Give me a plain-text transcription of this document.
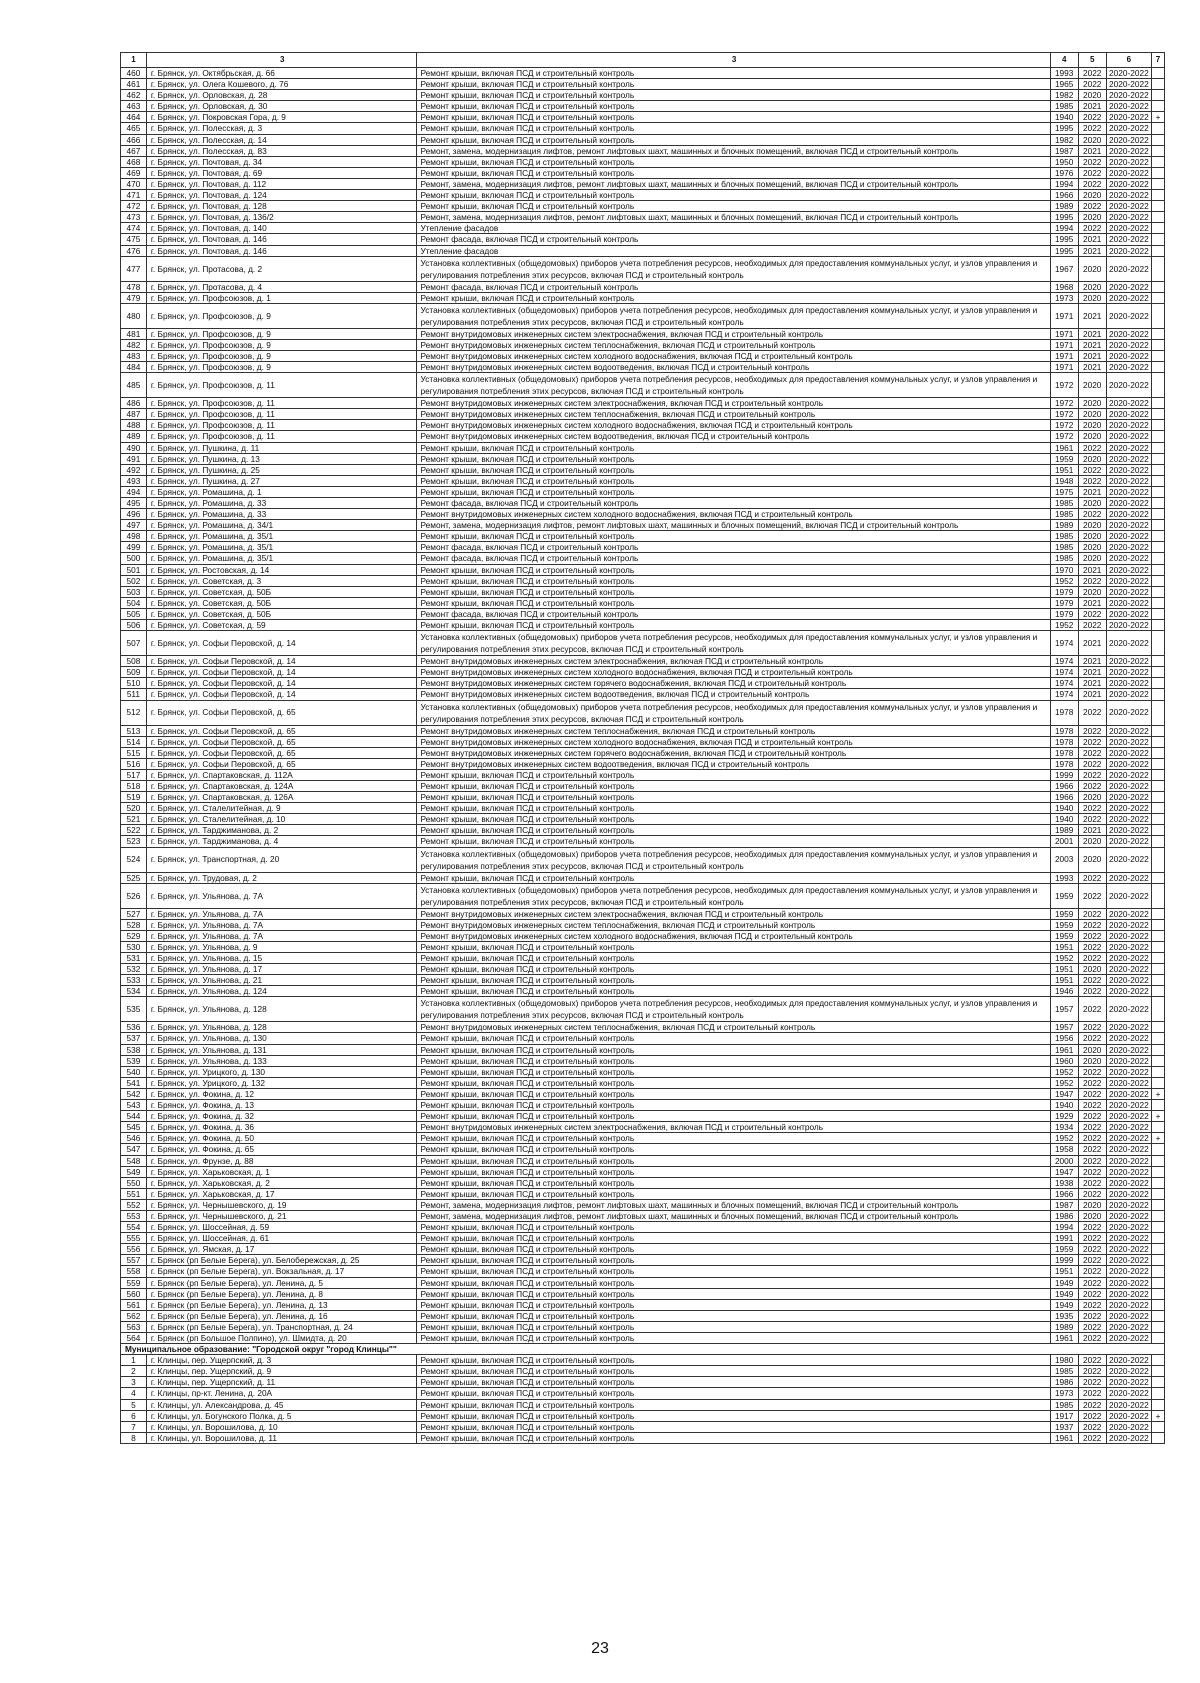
1	3	3	4	5	6	7
460	г. Брянск, ул. Октябрьская, д. 66	Ремонт крыши, включая ПСД и строительный контроль	1993	2022	2020-2022	
461	г. Брянск, ул. Олега Кошевого, д. 76	Ремонт крыши, включая ПСД и строительный контроль	1965	2022	2020-2022	
462	г. Брянск, ул. Орловская, д. 28	Ремонт крыши, включая ПСД и строительный контроль	1982	2020	2020-2022	
463	г. Брянск, ул. Орловская, д. 30	Ремонт крыши, включая ПСД и строительный контроль	1985	2021	2020-2022	
464	г. Брянск, ул. Покровская Гора, д. 9	Ремонт крыши, включая ПСД и строительный контроль	1940	2022	2020-2022	+
465	г. Брянск, ул. Полесская, д. 3	Ремонт крыши, включая ПСД и строительный контроль	1995	2022	2020-2022	
466	г. Брянск, ул. Полесская, д. 14	Ремонт крыши, включая ПСД и строительный контроль	1982	2020	2020-2022	
467	г. Брянск, ул. Полесская, д. 83	Ремонт, замена, модернизация лифтов, ремонт лифтовых шахт, машинных и блочных помещений, включая ПСД и строительный контроль	1987	2021	2020-2022	
468	г. Брянск, ул. Почтовая, д. 34	Ремонт крыши, включая ПСД и строительный контроль	1950	2022	2020-2022	
469	г. Брянск, ул. Почтовая, д. 69	Ремонт крыши, включая ПСД и строительный контроль	1976	2022	2020-2022	
470	г. Брянск, ул. Почтовая, д. 112	Ремонт, замена, модернизация лифтов, ремонт лифтовых шахт, машинных и блочных помещений, включая ПСД и строительный контроль	1994	2022	2020-2022	
471	г. Брянск, ул. Почтовая, д. 124	Ремонт крыши, включая ПСД и строительный контроль	1966	2020	2020-2022	
472	г. Брянск, ул. Почтовая, д. 128	Ремонт крыши, включая ПСД и строительный контроль	1989	2022	2020-2022	
473	г. Брянск, ул. Почтовая, д. 136/2	Ремонт, замена, модернизация лифтов, ремонт лифтовых шахт, машинных и блочных помещений, включая ПСД и строительный контроль	1995	2020	2020-2022	
474	г. Брянск, ул. Почтовая, д. 140	Утепление фасадов	1994	2022	2020-2022	
475	г. Брянск, ул. Почтовая, д. 146	Ремонт фасада, включая ПСД и строительный контроль	1995	2021	2020-2022	
476	г. Брянск, ул. Почтовая, д. 146	Утепление фасадов	1995	2021	2020-2022	
477	г. Брянск, ул. Протасова, д. 2	Установка коллективных (общедомовых) приборов учета потребления ресурсов, необходимых для предоставления коммунальных услуг, и узлов управления и регулирования потребления этих ресурсов, включая ПСД и строительный контроль	1967	2020	2020-2022	
478	г. Брянск, ул. Протасова, д. 4	Ремонт фасада, включая ПСД и строительный контроль	1968	2020	2020-2022	
479	г. Брянск, ул. Профсоюзов, д. 1	Ремонт крыши, включая ПСД и строительный контроль	1973	2020	2020-2022	
480	г. Брянск, ул. Профсоюзов, д. 9	Установка коллективных (общедомовых) приборов учета потребления ресурсов, необходимых для предоставления коммунальных услуг, и узлов управления и регулирования потребления этих ресурсов, включая ПСД и строительный контроль	1971	2021	2020-2022	
481	г. Брянск, ул. Профсоюзов, д. 9	Ремонт внутридомовых инженерных систем электроснабжения, включая ПСД и строительный контроль	1971	2021	2020-2022	
482	г. Брянск, ул. Профсоюзов, д. 9	Ремонт внутридомовых инженерных систем теплоснабжения, включая ПСД и строительный контроль	1971	2021	2020-2022	
483	г. Брянск, ул. Профсоюзов, д. 9	Ремонт внутридомовых инженерных систем холодного водоснабжения, включая ПСД и строительный контроль	1971	2021	2020-2022	
484	г. Брянск, ул. Профсоюзов, д. 9	Ремонт внутридомовых инженерных систем водоотведения, включая ПСД и строительный контроль	1971	2021	2020-2022	
485	г. Брянск, ул. Профсоюзов, д. 11	Установка коллективных (общедомовых) приборов учета потребления ресурсов, необходимых для предоставления коммунальных услуг, и узлов управления и регулирования потребления этих ресурсов, включая ПСД и строительный контроль	1972	2020	2020-2022	
486	г. Брянск, ул. Профсоюзов, д. 11	Ремонт внутридомовых инженерных систем электроснабжения, включая ПСД и строительный контроль	1972	2020	2020-2022	
487	г. Брянск, ул. Профсоюзов, д. 11	Ремонт внутридомовых инженерных систем теплоснабжения, включая ПСД и строительный контроль	1972	2020	2020-2022	
488	г. Брянск, ул. Профсоюзов, д. 11	Ремонт внутридомовых инженерных систем холодного водоснабжения, включая ПСД и строительный контроль	1972	2020	2020-2022	
489	г. Брянск, ул. Профсоюзов, д. 11	Ремонт внутридомовых инженерных систем водоотведения, включая ПСД и строительный контроль	1972	2020	2020-2022	
490	г. Брянск, ул. Пушкина, д. 11	Ремонт крыши, включая ПСД и строительный контроль	1961	2022	2020-2022	
491	г. Брянск, ул. Пушкина, д. 13	Ремонт крыши, включая ПСД и строительный контроль	1959	2020	2020-2022	
492	г. Брянск, ул. Пушкина, д. 25	Ремонт крыши, включая ПСД и строительный контроль	1951	2022	2020-2022	
493	г. Брянск, ул. Пушкина, д. 27	Ремонт крыши, включая ПСД и строительный контроль	1948	2022	2020-2022	
494	г. Брянск, ул. Ромашина, д. 1	Ремонт крыши, включая ПСД и строительный контроль	1975	2021	2020-2022	
495	г. Брянск, ул. Ромашина, д. 33	Ремонт фасада, включая ПСД и строительный контроль	1985	2020	2020-2022	
496	г. Брянск, ул. Ромашина, д. 33	Ремонт внутридомовых инженерных систем холодного водоснабжения, включая ПСД и строительный контроль	1985	2022	2020-2022	
497	г. Брянск, ул. Ромашина, д. 34/1	Ремонт, замена, модернизация лифтов, ремонт лифтовых шахт, машинных и блочных помещений, включая ПСД и строительный контроль	1989	2020	2020-2022	
498	г. Брянск, ул. Ромашина, д. 35/1	Ремонт крыши, включая ПСД и строительный контроль	1985	2020	2020-2022	
499	г. Брянск, ул. Ромашина, д. 35/1	Ремонт фасада, включая ПСД и строительный контроль	1985	2020	2020-2022	
500	г. Брянск, ул. Ромашина, д. 35/1	Ремонт фасада, включая ПСД и строительный контроль	1985	2020	2020-2022	
501	г. Брянск, ул. Ростовская, д. 14	Ремонт крыши, включая ПСД и строительный контроль	1970	2021	2020-2022	
502	г. Брянск, ул. Советская, д. 3	Ремонт крыши, включая ПСД и строительный контроль	1952	2022	2020-2022	
503	г. Брянск, ул. Советская, д. 50Б	Ремонт крыши, включая ПСД и строительный контроль	1979	2020	2020-2022	
504	г. Брянск, ул. Советская, д. 50Б	Ремонт крыши, включая ПСД и строительный контроль	1979	2021	2020-2022	
505	г. Брянск, ул. Советская, д. 50Б	Ремонт фасада, включая ПСД и строительный контроль	1979	2022	2020-2022	
506	г. Брянск, ул. Советская, д. 59	Ремонт крыши, включая ПСД и строительный контроль	1952	2022	2020-2022	
507	г. Брянск, ул. Софьи Перовской, д. 14	Установка коллективных (общедомовых) приборов учета потребления ресурсов, необходимых для предоставления коммунальных услуг, и узлов управления и регулирования потребления этих ресурсов, включая ПСД и строительный контроль	1974	2021	2020-2022	
508	г. Брянск, ул. Софьи Перовской, д. 14	Ремонт внутридомовых инженерных систем электроснабжения, включая ПСД и строительный контроль	1974	2021	2020-2022	
509	г. Брянск, ул. Софьи Перовской, д. 14	Ремонт внутридомовых инженерных систем холодного водоснабжения, включая ПСД и строительный контроль	1974	2021	2020-2022	
510	г. Брянск, ул. Софьи Перовской, д. 14	Ремонт внутридомовых инженерных систем горячего водоснабжения, включая ПСД и строительный контроль	1974	2021	2020-2022	
511	г. Брянск, ул. Софьи Перовской, д. 14	Ремонт внутридомовых инженерных систем водоотведения, включая ПСД и строительный контроль	1974	2021	2020-2022	
512	г. Брянск, ул. Софьи Перовской, д. 65	Установка коллективных (общедомовых) приборов учета потребления ресурсов, необходимых для предоставления коммунальных услуг, и узлов управления и регулирования потребления этих ресурсов, включая ПСД и строительный контроль	1978	2022	2020-2022	
513	г. Брянск, ул. Софьи Перовской, д. 65	Ремонт внутридомовых инженерных систем теплоснабжения, включая ПСД и строительный контроль	1978	2022	2020-2022	
514	г. Брянск, ул. Софьи Перовской, д. 65	Ремонт внутридомовых инженерных систем холодного водоснабжения, включая ПСД и строительный контроль	1978	2022	2020-2022	
515	г. Брянск, ул. Софьи Перовской, д. 65	Ремонт внутридомовых инженерных систем горячего водоснабжения, включая ПСД и строительный контроль	1978	2022	2020-2022	
516	г. Брянск, ул. Софьи Перовской, д. 65	Ремонт внутридомовых инженерных систем водоотведения, включая ПСД и строительный контроль	1978	2022	2020-2022	
517	г. Брянск, ул. Спартаковская, д. 112А	Ремонт крыши, включая ПСД и строительный контроль	1999	2022	2020-2022	
518	г. Брянск, ул. Спартаковская, д. 124А	Ремонт крыши, включая ПСД и строительный контроль	1966	2022	2020-2022	
519	г. Брянск, ул. Спартаковская, д. 126А	Ремонт крыши, включая ПСД и строительный контроль	1966	2020	2020-2022	
520	г. Брянск, ул. Сталелитейная, д. 9	Ремонт крыши, включая ПСД и строительный контроль	1940	2022	2020-2022	
521	г. Брянск, ул. Сталелитейная, д. 10	Ремонт крыши, включая ПСД и строительный контроль	1940	2022	2020-2022	
522	г. Брянск, ул. Тарджиманова, д. 2	Ремонт крыши, включая ПСД и строительный контроль	1989	2021	2020-2022	
523	г. Брянск, ул. Тарджиманова, д. 4	Ремонт крыши, включая ПСД и строительный контроль	2001	2020	2020-2022	
524	г. Брянск, ул. Транспортная, д. 20	Установка коллективных (общедомовых) приборов учета потребления ресурсов, необходимых для предоставления коммунальных услуг, и узлов управления и регулирования потребления этих ресурсов, включая ПСД и строительный контроль	2003	2020	2020-2022	
525	г. Брянск, ул. Трудовая, д. 2	Ремонт крыши, включая ПСД и строительный контроль	1993	2022	2020-2022	
526	г. Брянск, ул. Ульянова, д. 7А	Установка коллективных (общедомовых) приборов учета потребления ресурсов, необходимых для предоставления коммунальных услуг, и узлов управления и регулирования потребления этих ресурсов, включая ПСД и строительный контроль	1959	2022	2020-2022	
527	г. Брянск, ул. Ульянова, д. 7А	Ремонт внутридомовых инженерных систем электроснабжения, включая ПСД и строительный контроль	1959	2022	2020-2022	
528	г. Брянск, ул. Ульянова, д. 7А	Ремонт внутридомовых инженерных систем теплоснабжения, включая ПСД и строительный контроль	1959	2022	2020-2022	
529	г. Брянск, ул. Ульянова, д. 7А	Ремонт внутридомовых инженерных систем холодного водоснабжения, включая ПСД и строительный контроль	1959	2022	2020-2022	
530	г. Брянск, ул. Ульянова, д. 9	Ремонт крыши, включая ПСД и строительный контроль	1951	2022	2020-2022	
531	г. Брянск, ул. Ульянова, д. 15	Ремонт крыши, включая ПСД и строительный контроль	1952	2022	2020-2022	
532	г. Брянск, ул. Ульянова, д. 17	Ремонт крыши, включая ПСД и строительный контроль	1951	2020	2020-2022	
533	г. Брянск, ул. Ульянова, д. 21	Ремонт крыши, включая ПСД и строительный контроль	1951	2022	2020-2022	
534	г. Брянск, ул. Ульянова, д. 124	Ремонт крыши, включая ПСД и строительный контроль	1946	2022	2020-2022	
535	г. Брянск, ул. Ульянова, д. 128	Установка коллективных (общедомовых) приборов учета потребления ресурсов, необходимых для предоставления коммунальных услуг, и узлов управления и регулирования потребления этих ресурсов, включая ПСД и строительный контроль	1957	2022	2020-2022	
536	г. Брянск, ул. Ульянова, д. 128	Ремонт внутридомовых инженерных систем теплоснабжения, включая ПСД и строительный контроль	1957	2022	2020-2022	
537	г. Брянск, ул. Ульянова, д. 130	Ремонт крыши, включая ПСД и строительный контроль	1956	2022	2020-2022	
538	г. Брянск, ул. Ульянова, д. 131	Ремонт крыши, включая ПСД и строительный контроль	1961	2020	2020-2022	
539	г. Брянск, ул. Ульянова, д. 133	Ремонт крыши, включая ПСД и строительный контроль	1960	2020	2020-2022	
540	г. Брянск, ул. Урицкого, д. 130	Ремонт крыши, включая ПСД и строительный контроль	1952	2022	2020-2022	
541	г. Брянск, ул. Урицкого, д. 132	Ремонт крыши, включая ПСД и строительный контроль	1952	2022	2020-2022	
542	г. Брянск, ул. Фокина, д. 12	Ремонт крыши, включая ПСД и строительный контроль	1947	2022	2020-2022	+
543	г. Брянск, ул. Фокина, д. 13	Ремонт крыши, включая ПСД и строительный контроль	1940	2022	2020-2022	
544	г. Брянск, ул. Фокина, д. 32	Ремонт крыши, включая ПСД и строительный контроль	1929	2022	2020-2022	+
545	г. Брянск, ул. Фокина, д. 36	Ремонт внутридомовых инженерных систем электроснабжения, включая ПСД и строительный контроль	1934	2022	2020-2022	
546	г. Брянск, ул. Фокина, д. 50	Ремонт крыши, включая ПСД и строительный контроль	1952	2022	2020-2022	+
547	г. Брянск, ул. Фокина, д. 65	Ремонт крыши, включая ПСД и строительный контроль	1958	2022	2020-2022	
548	г. Брянск, ул. Фрунзе, д. 88	Ремонт крыши, включая ПСД и строительный контроль	2000	2022	2020-2022	
549	г. Брянск, ул. Харьковская, д. 1	Ремонт крыши, включая ПСД и строительный контроль	1947	2022	2020-2022	
550	г. Брянск, ул. Харьковская, д. 2	Ремонт крыши, включая ПСД и строительный контроль	1938	2022	2020-2022	
551	г. Брянск, ул. Харьковская, д. 17	Ремонт крыши, включая ПСД и строительный контроль	1966	2022	2020-2022	
552	г. Брянск, ул. Чернышевского, д. 19	Ремонт, замена, модернизация лифтов, ремонт лифтовых шахт, машинных и блочных помещений, включая ПСД и строительный контроль	1987	2020	2020-2022	
553	г. Брянск, ул. Чернышевского, д. 21	Ремонт, замена, модернизация лифтов, ремонт лифтовых шахт, машинных и блочных помещений, включая ПСД и строительный контроль	1986	2020	2020-2022	
554	г. Брянск, ул. Шоссейная, д. 59	Ремонт крыши, включая ПСД и строительный контроль	1994	2022	2020-2022	
555	г. Брянск, ул. Шоссейная, д. 61	Ремонт крыши, включая ПСД и строительный контроль	1991	2022	2020-2022	
556	г. Брянск, ул. Ямская, д. 17	Ремонт крыши, включая ПСД и строительный контроль	1959	2022	2020-2022	
557	г. Брянск (рп Белые Берега), ул. Белобережская, д. 25	Ремонт крыши, включая ПСД и строительный контроль	1999	2022	2020-2022	
558	г. Брянск (рп Белые Берега), ул. Вокзальная, д. 17	Ремонт крыши, включая ПСД и строительный контроль	1951	2022	2020-2022	
559	г. Брянск (рп Белые Берега), ул. Ленина, д. 5	Ремонт крыши, включая ПСД и строительный контроль	1949	2022	2020-2022	
560	г. Брянск (рп Белые Берега), ул. Ленина, д. 8	Ремонт крыши, включая ПСД и строительный контроль	1949	2022	2020-2022	
561	г. Брянск (рп Белые Берега), ул. Ленина, д. 13	Ремонт крыши, включая ПСД и строительный контроль	1949	2022	2020-2022	
562	г. Брянск (рп Белые Берега), ул. Ленина, д. 16	Ремонт крыши, включая ПСД и строительный контроль	1935	2022	2020-2022	
563	г. Брянск (рп Белые Берега), ул. Транспортная, д. 24	Ремонт крыши, включая ПСД и строительный контроль	1989	2022	2020-2022	
564	г. Брянск (рп Большое Полпино), ул. Шмидта, д. 20	Ремонт крыши, включая ПСД и строительный контроль	1961	2022	2020-2022	
Муниципальное образование: "Городской округ "город Клинцы""						
1	г. Клинцы, пер. Ущерпский, д. 3	Ремонт крыши, включая ПСД и строительный контроль	1980	2022	2020-2022	
2	г. Клинцы, пер. Ущерпский, д. 9	Ремонт крыши, включая ПСД и строительный контроль	1985	2022	2020-2022	
3	г. Клинцы, пер. Ущерпский, д. 11	Ремонт крыши, включая ПСД и строительный контроль	1986	2022	2020-2022	
4	г. Клинцы, пр-кт. Ленина, д. 20А	Ремонт крыши, включая ПСД и строительный контроль	1973	2022	2020-2022	
5	г. Клинцы, ул. Александрова, д. 45	Ремонт крыши, включая ПСД и строительный контроль	1985	2022	2020-2022	
6	г. Клинцы, ул. Богунского Полка, д. 5	Ремонт крыши, включая ПСД и строительный контроль	1917	2022	2020-2022	+
7	г. Клинцы, ул. Ворошилова, д. 10	Ремонт крыши, включая ПСД и строительный контроль	1937	2022	2020-2022	
8	г. Клинцы, ул. Ворошилова, д. 11	Ремонт крыши, включая ПСД и строительный контроль	1961	2022	2020-2022	
23
